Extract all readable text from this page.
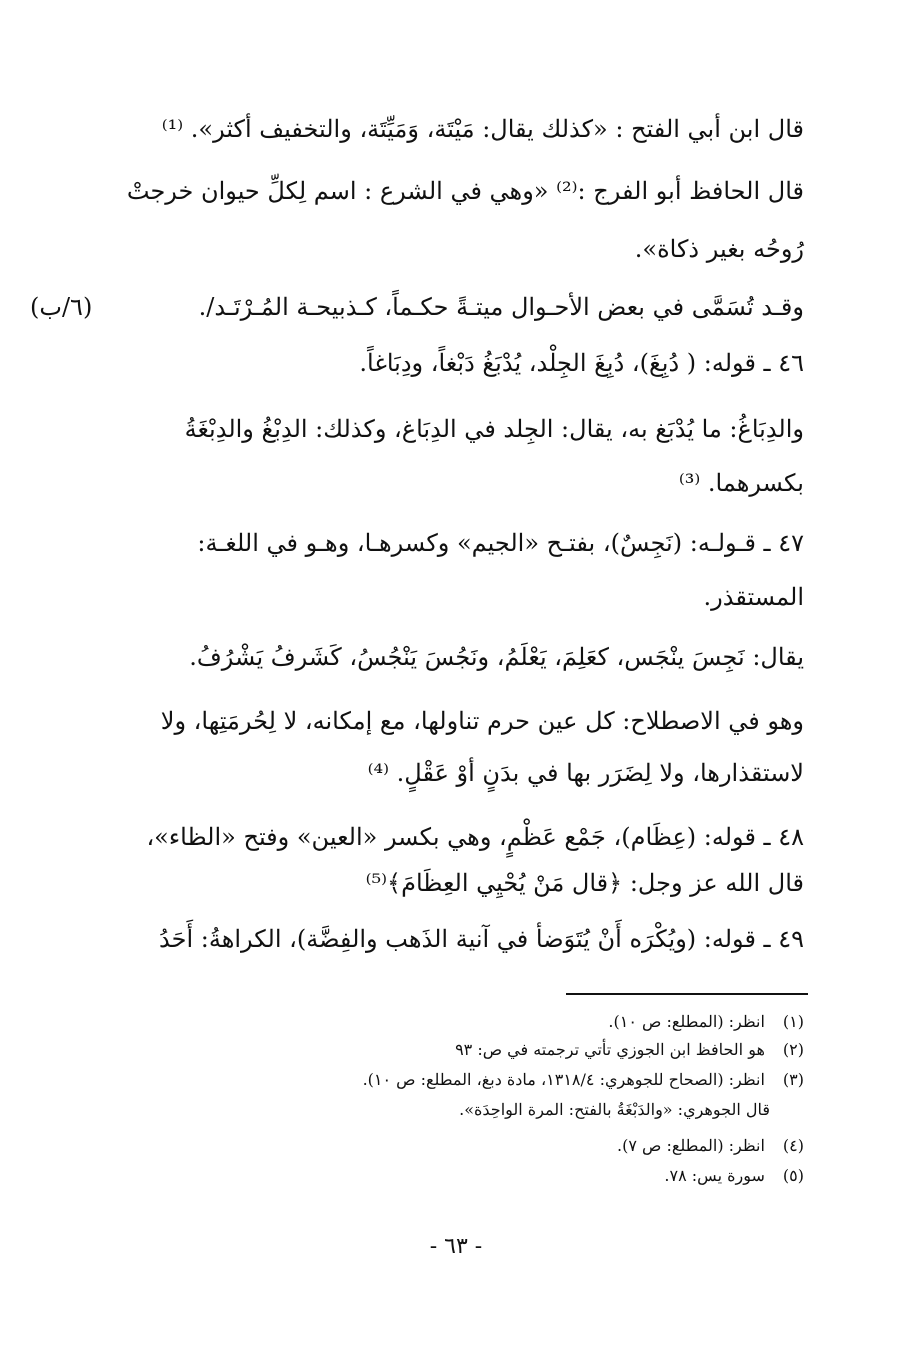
قال ابن أبي الفتح : «كذلك يقال: مَيْتَة، وَمَيِّتَة، والتخفيف أكثر». ⁽¹⁾
قال الحافظ أبو الفرج :⁽²⁾ «وهي في الشرع : اسم لِكلِّ حيوان خرجتْ
رُوحُه بغير ذكاة».
وقـد تُسَمَّى في بعض الأحـوال ميتـةً حكـماً، كـذبيحـة المُـرْتَـد/.
(٦/ب)
٤٦ ـ قوله: ( دُبِغَ)، دُبِغَ الجِلْد، يُدْبَغُ دَبْغاً، ودِبَاغاً.
والدِبَاغُ: ما يُدْبَغ به، يقال: الجِلد في الدِبَاغ، وكذلك: الدِبْغُ والدِبْغَةُ
بكسرهما. ⁽³⁾
٤٧ ـ قـولـه: (نَجِسٌ)، بفتـح «الجيم» وكسرهـا، وهـو في اللغـة:
المستقذر.
يقال: نَجِسَ ينْجَس، كعَلِمَ، يَعْلَمُ، ونَجُسَ يَنْجُسُ، كَشَرفُ يَشْرُفُ.
وهو في الاصطلاح: كل عين حرم تناولها، مع إمكانه، لا لِحُرمَتِها، ولا
لاستقذارها، ولا لِضَرَر بها في بدَنٍ أوْ عَقْلٍ. ⁽⁴⁾
٤٨ ـ قوله: (عِظَام)، جَمْع عَظْمٍ، وهي بكسر «العين» وفتح «الظاء»،
قال الله عز وجل: ﴿قال مَنْ يُحْيِي العِظَامَ﴾⁽⁵⁾
٤٩ ـ قوله: (ويُكْرَه أَنْ يُتَوَضأ في آنية الذَهب والفِضَّة)، الكراهةُ: أَحَدُ
(١) انظر: (المطلع: ص ١٠).
(٢) هو الحافظ ابن الجوزي تأتي ترجمته في ص: ٩٣
(٣) انظر: (الصحاح للجوهري: ١٣١٨/٤، مادة دبغ، المطلع: ص ١٠).
قال الجوهري: «والدَبْغَةُ بالفتح: المرة الواحِدَة».
(٤) انظر: (المطلع: ص ٧).
(٥) سورة يس: ٧٨.
- ٦٣ -
